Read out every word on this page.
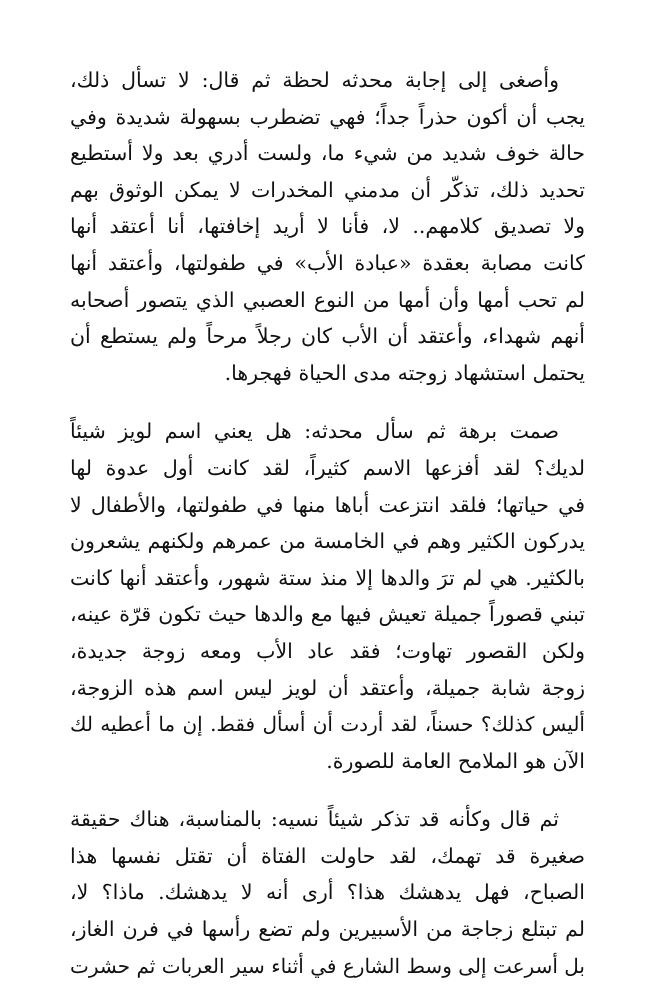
وأصغى إلى إجابة محدثه لحظة ثم قال: لا تسأل ذلك،
يجب أن أكون حذراً جداً؛ فهي تضطرب بسهولة شديدة وفي
حالة خوف شديد من شيء ما، ولست أدري بعد ولا أستطيع
تحديد ذلك، تذكّر أن مدمني المخدرات لا يمكن الوثوق بهم
ولا تصديق كلامهم.. لا، فأنا لا أريد إخافتها، أنا أعتقد أنها
كانت مصابة بعقدة «عبادة الأب» في طفولتها، وأعتقد أنها
لم تحب أمها وأن أمها من النوع العصبي الذي يتصور أصحابه
أنهم شهداء، وأعتقد أن الأب كان رجلاً مرحاً ولم يستطع أن
يحتمل استشهاد زوجته مدى الحياة فهجرها.
صمت برهة ثم سأل محدثه: هل يعني اسم لويز شيئاً
لديك؟ لقد أفزعها الاسم كثيراً، لقد كانت أول عدوة لها
في حياتها؛ فلقد انتزعت أباها منها في طفولتها، والأطفال لا
يدركون الكثير وهم في الخامسة من عمرهم ولكنهم يشعرون
بالكثير. هي لم ترَ والدها إلا منذ ستة شهور، وأعتقد أنها كانت
تبني قصوراً جميلة تعيش فيها مع والدها حيث تكون قرّة عينه،
ولكن القصور تهاوت؛ فقد عاد الأب ومعه زوجة جديدة،
زوجة شابة جميلة، وأعتقد أن لويز ليس اسم هذه الزوجة،
أليس كذلك؟ حسناً، لقد أردت أن أسأل فقط. إن ما أعطيه لك
الآن هو الملامح العامة للصورة.
ثم قال وكأنه قد تذكر شيئاً نسيه: بالمناسبة، هناك حقيقة
صغيرة قد تهمك، لقد حاولت الفتاة أن تقتل نفسها هذا
الصباح، فهل يدهشك هذا؟ أرى أنه لا يدهشك. ماذا؟ لا،
لم تبتلع زجاجة من الأسبيرين ولم تضع رأسها في فرن الغاز،
بل أسرعت إلى وسط الشارع في أثناء سير العربات ثم حشرت
